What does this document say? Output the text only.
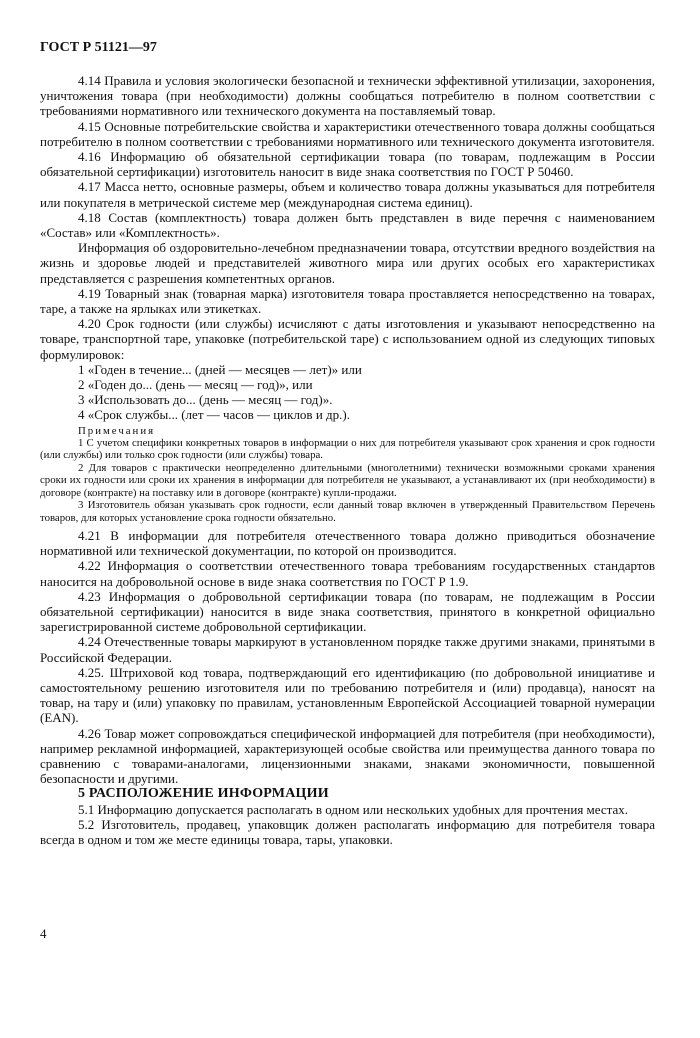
ГОСТ Р 51121—97

4.14 Правила и условия экологически безопасной и технически эффективной утилизации, захоронения, уничтожения товара (при необходимости) должны сообщаться потребителю в полном соответствии с требованиями нормативного или технического документа на поставляемый товар.

4.15 Основные потребительские свойства и характеристики отечественного товара должны сообщаться потребителю в полном соответствии с требованиями нормативного или технического документа изготовителя.

4.16 Информацию об обязательной сертификации товара (по товарам, подлежащим в России обязательной сертификации) изготовитель наносит в виде знака соответствия по ГОСТ Р 50460.

4.17 Масса нетто, основные размеры, объем и количество товара должны указываться для потребителя или покупателя в метрической системе мер (международная система единиц).

4.18 Состав (комплектность) товара должен быть представлен в виде перечня с наименованием «Состав» или «Комплектность».

Информация об оздоровительно-лечебном предназначении товара, отсутствии вредного воздействия на жизнь и здоровье людей и представителей животного мира или других особых его характеристиках представляется с разрешения компетентных органов.

4.19 Товарный знак (товарная марка) изготовителя товара проставляется непосредственно на товарах, таре, а также на ярлыках или этикетках.

4.20 Срок годности (или службы) исчисляют с даты изготовления и указывают непосредственно на товаре, транспортной таре, упаковке (потребительской таре) с использованием одной из следующих типовых формулировок:

1 «Годен в течение... (дней — месяцев — лет)» или

2 «Годен до... (день — месяц — год)», или

3 «Использовать до... (день — месяц — год)».

4 «Срок службы... (лет — часов — циклов и др.).

Примечания

1 С учетом специфики конкретных товаров в информации о них для потребителя указывают срок хранения и срок годности (или службы) или только срок годности (или службы) товара.

2 Для товаров с практически неопределенно длительными (многолетними) технически возможными сроками хранения сроки их годности или сроки их хранения в информации для потребителя не указывают, а устанавливают их (при необходимости) в договоре (контракте) на поставку или в договоре (контракте) купли-продажи.

3 Изготовитель обязан указывать срок годности, если данный товар включен в утвержденный Правительством Перечень товаров, для которых установление срока годности обязательно.

4.21 В информации для потребителя отечественного товара должно приводиться обозначение нормативной или технической документации, по которой он производится.

4.22 Информация о соответствии отечественного товара требованиям государственных стандартов наносится на добровольной основе в виде знака соответствия по ГОСТ Р 1.9.

4.23 Информация о добровольной сертификации товара (по товарам, не подлежащим в России обязательной сертификации) наносится в виде знака соответствия, принятого в конкретной официально зарегистрированной системе добровольной сертификации.

4.24 Отечественные товары маркируют в установленном порядке также другими знаками, принятыми в Российской Федерации.

4.25. Штриховой код товара, подтверждающий его идентификацию (по добровольной инициативе и самостоятельному решению изготовителя или по требованию потребителя и (или) продавца), наносят на товар, на тару и (или) упаковку по правилам, установленным Европейской Ассоциацией товарной нумерации (EAN).

4.26 Товар может сопровождаться специфической информацией для потребителя (при необходимости), например рекламной информацией, характеризующей особые свойства или преимущества данного товара по сравнению с товарами-аналогами, лицензионными знаками, знаками экономичности, повышенной безопасности и другими.

5 РАСПОЛОЖЕНИЕ ИНФОРМАЦИИ

5.1 Информацию допускается располагать в одном или нескольких удобных для прочтения местах.

5.2 Изготовитель, продавец, упаковщик должен располагать информацию для потребителя товара всегда в одном и том же месте единицы товара, тары, упаковки.

4
